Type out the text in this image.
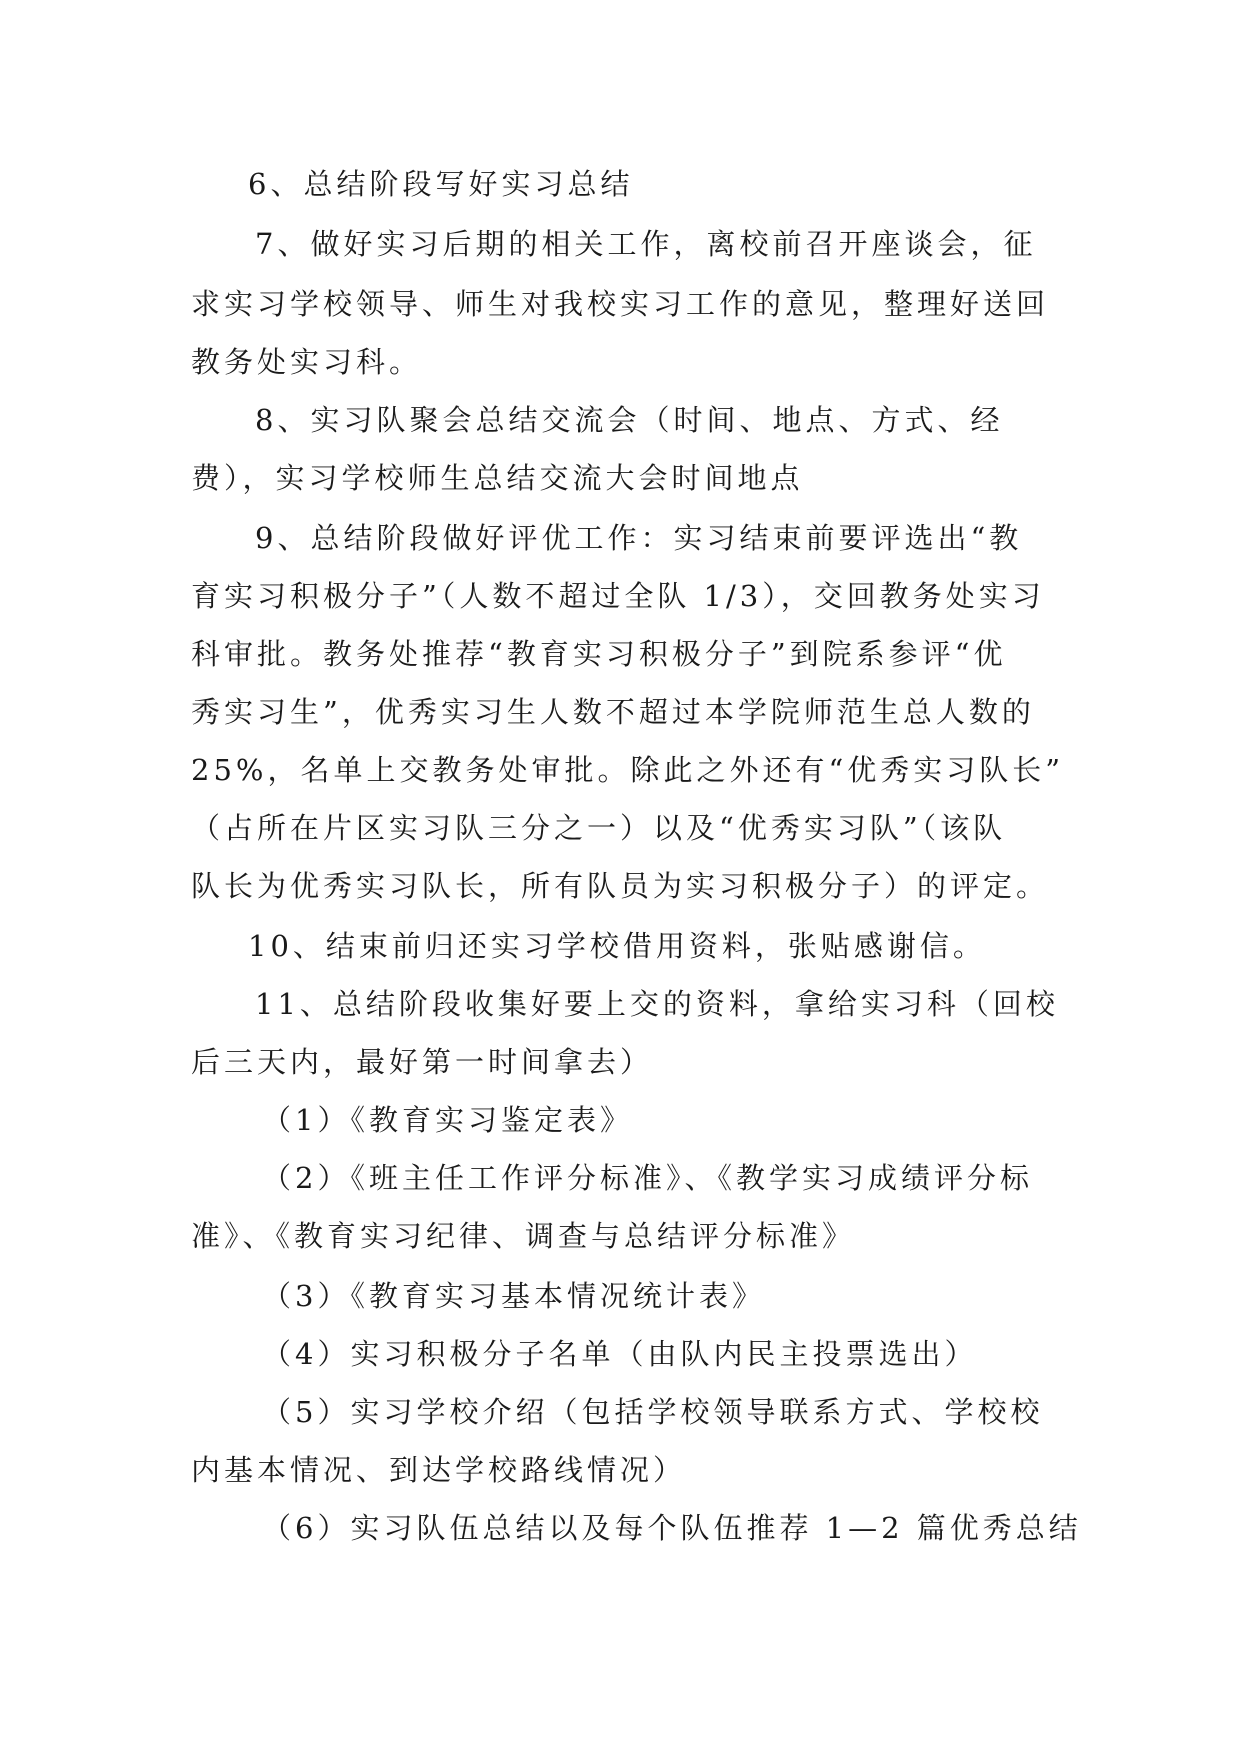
6、总结阶段写好实习总结
7、做好实习后期的相关工作，离校前召开座谈会，征
求实习学校领导、师生对我校实习工作的意见，整理好送回
教务处实习科。
8、实习队聚会总结交流会（时间、地点、方式、经
费），实习学校师生总结交流大会时间地点
9、总结阶段做好评优工作：实习结束前要评选出“教
育实习积极分子”（人数不超过全队 1/3），交回教务处实习
科审批。教务处推荐“教育实习积极分子”到院系参评“优
秀实习生”，优秀实习生人数不超过本学院师范生总人数的
25%，名单上交教务处审批。除此之外还有“优秀实习队长”
（占所在片区实习队三分之一）以及“优秀实习队”（该队
队长为优秀实习队长，所有队员为实习积极分子）的评定。
10、结束前归还实习学校借用资料，张贴感谢信。
11、总结阶段收集好要上交的资料，拿给实习科（回校
后三天内，最好第一时间拿去）
（1）《教育实习鉴定表》
（2）《班主任工作评分标准》、《教学实习成绩评分标
准》、《教育实习纪律、调查与总结评分标准》
（3）《教育实习基本情况统计表》
（4）实习积极分子名单（由队内民主投票选出）
（5）实习学校介绍（包括学校领导联系方式、学校校
内基本情况、到达学校路线情况）
（6）实习队伍总结以及每个队伍推荐 1—2 篇优秀总结
